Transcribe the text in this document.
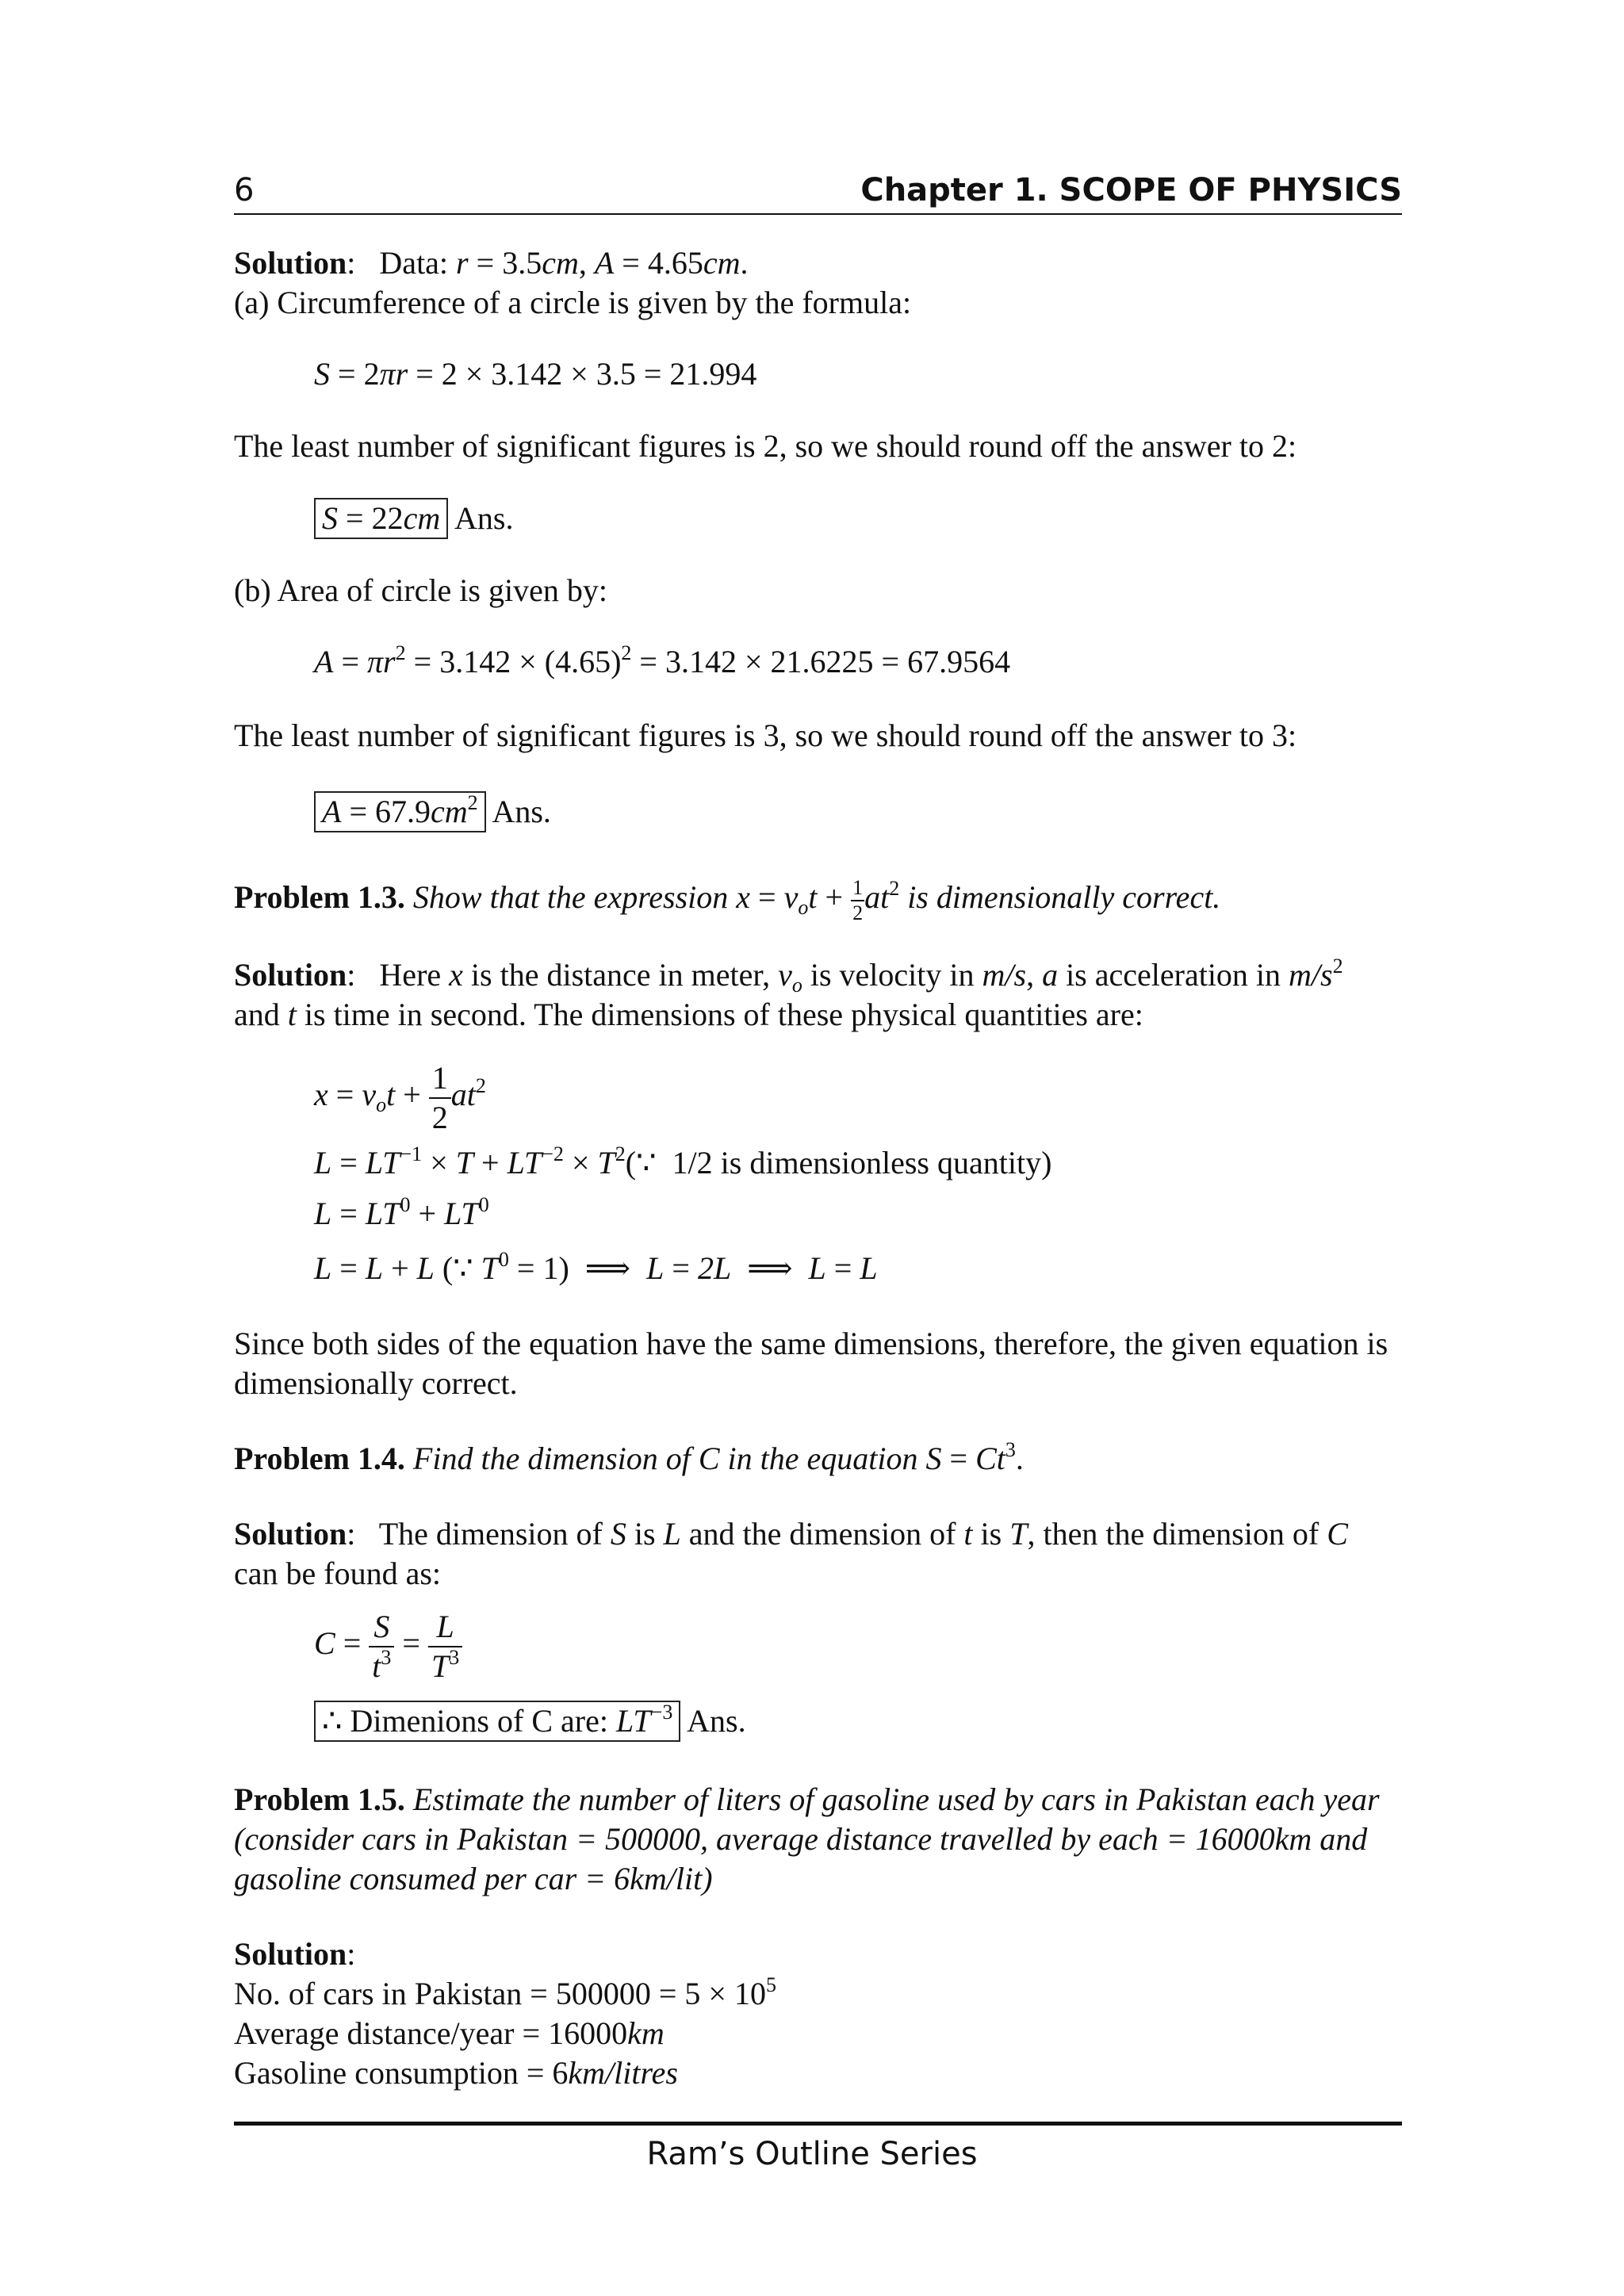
6	Chapter 1. SCOPE OF PHYSICS
Solution:   Data: r = 3.5cm, A = 4.65cm.
(a) Circumference of a circle is given by the formula:
S = 2πr = 2 × 3.142 × 3.5 = 21.994
The least number of significant figures is 2, so we should round off the answer to 2:
S = 22cm Ans.
(b) Area of circle is given by:
$A = \pi r^2 = 3.142 \times (4.65)^2 = 3.142 \times 21.6225 = 67.9564$
The least number of significant figures is 3, so we should round off the answer to 3:
$A = 67.9cm^2$ Ans.
Problem 1.3. Show that the expression $x = v_ot + \frac{1}{2} at^2$ is dimensionally correct.
Solution:   Here x is the distance in meter, $v_o$ is velocity in m/s, a is acceleration in $m/s^2$
and t is time in second. The dimensions of these physical quantities are:
$x = v_ot + \frac{1}{2} at^2$
$L = LT^{-1} \times T + LT^{-2}$ × $T^2(\because$ 1/2 is dimensionless quantity)
$L = LT^0 + LT^0$
L = L + L (∵ $T^0 = 1$)  ⟹ L = 2L ⟹ L = L
Since both sides of the equation have the same dimensions, therefore, the given equation is
dimensionally correct.
Problem 1.4. Find the dimension of C in the equation $S = Ct^3$.
Solution:   The dimension of S is L and the dimension of t is T, then the dimension of C
can be found as:
$C = \frac{S}{t^3} = \frac{L}{T^3}$
∴ Dimenions of C are: $LT^{-3}$ Ans.
Problem 1.5. Estimate the number of liters of gasoline used by cars in Pakistan each year
(consider cars in Pakistan = 500000, average distance travelled by each = 16000km and
gasoline consumed per car = 6km/lit)
Solution:
No. of cars in Pakistan = $500000 = 5 \times 10^5$
Average distance/year = 16000km
Gasoline consumption = 6km/litres
Ram’s Outline Series
